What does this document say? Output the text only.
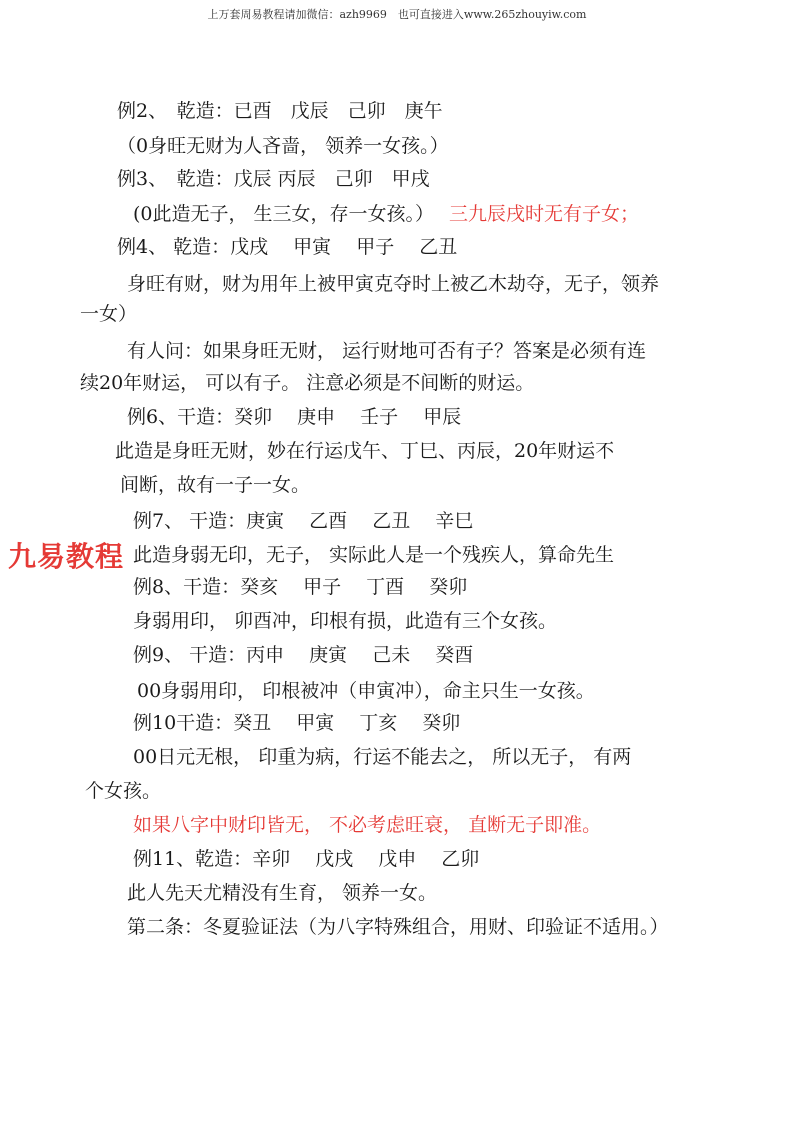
上万套周易教程请加微信：azh9969　也可直接进入www.265zhouyiw.com
例2、　乾造：已酉　戊辰　己卯　庚午
（0身旺无财为人吝啬， 领养一女孩。）
例3、　乾造：戊辰 丙辰　己卯　甲戌
(0此造无子， 生三女，存一女孩。） 三九辰戌时无有子女；
例4、 乾造：戊戌　 甲寅　 甲子　 乙丑
身旺有财，财为用年上被甲寅克夺时上被乙木劫夺，无子，领养
一女）
有人问：如果身旺无财， 运行财地可否有子？答案是必须有连
续20年财运， 可以有子。 注意必须是不间断的财运。
例6、干造：癸卯　 庚申　 壬子　 甲辰
此造是身旺无财，妙在行运戊午、丁巳、丙辰，20年财运不
间断，故有一子一女。
例7、 干造：庚寅　 乙酉　 乙丑　 辛巳
此造身弱无印，无子， 实际此人是一个残疾人，算命先生
例8、干造：癸亥　 甲子　 丁酉　 癸卯
身弱用印， 卯酉冲，印根有损，此造有三个女孩。
例9、 干造：丙申　 庚寅　 己未　 癸酉
00身弱用印， 印根被冲（申寅冲），命主只生一女孩。
例10干造：癸丑　 甲寅　 丁亥　 癸卯
00日元无根， 印重为病，行运不能去之， 所以无子， 有两
个女孩。
如果八字中财印皆无， 不必考虑旺衰， 直断无子即准。
例11、乾造：辛卯　 戊戌　 戊申　 乙卯
此人先天尤精没有生育， 领养一女。
第二条：冬夏验证法（为八字特殊组合，用财、印验证不适用。）
九易教程
